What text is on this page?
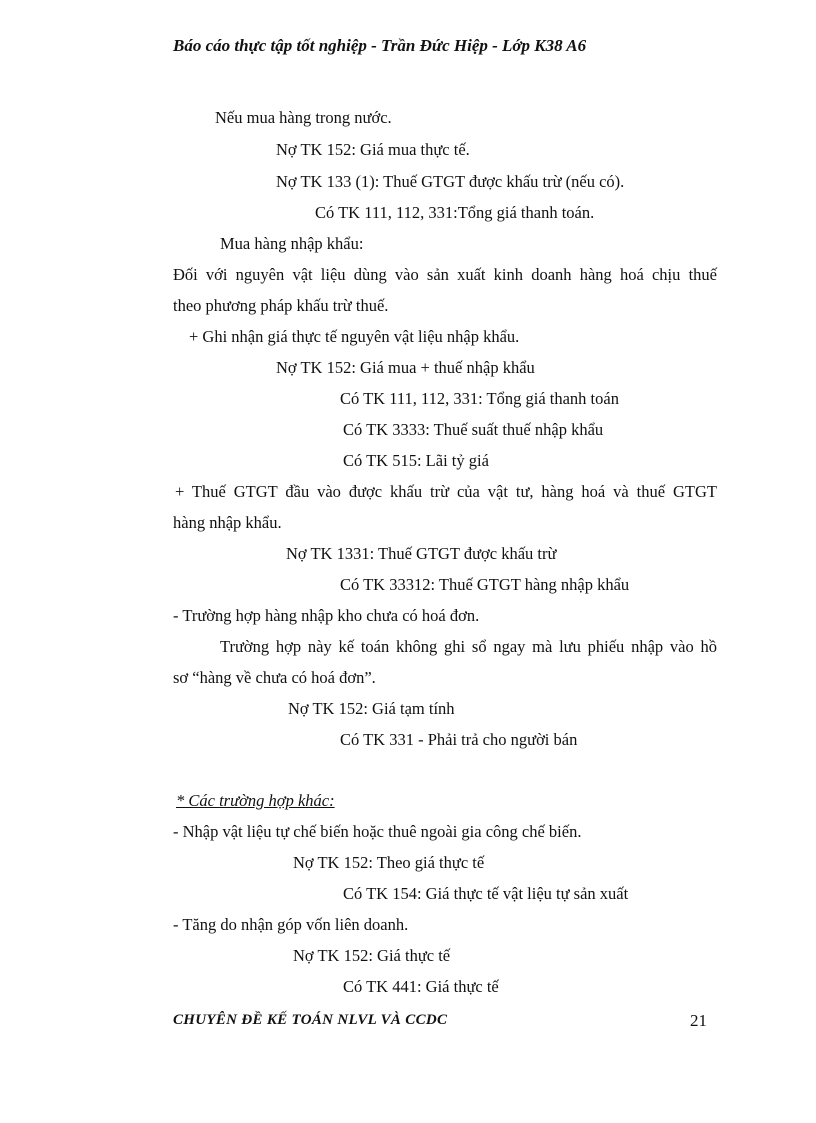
Báo cáo thực tập tốt nghiệp - Trần Đức Hiệp - Lớp K38 A6
Nếu mua hàng trong nước.
Nợ TK 152: Giá mua thực tế.
Nợ TK 133 (1): Thuế GTGT được khấu trừ (nếu có).
Có TK 111, 112, 331:Tổng giá thanh toán.
Mua hàng nhập khẩu:
Đối với nguyên vật liệu dùng vào sản xuất kinh doanh hàng hoá chịu thuế
theo phương pháp khấu trừ thuế.
+ Ghi nhận giá thực tế nguyên vật liệu nhập khẩu.
Nợ TK 152: Giá mua + thuế nhập khẩu
Có TK 111, 112, 331: Tổng giá thanh toán
Có TK 3333: Thuế suất thuế nhập khẩu
Có TK 515: Lãi tỷ giá
+ Thuế GTGT đầu vào được khấu trừ của vật tư, hàng hoá và thuế GTGT
hàng nhập khẩu.
Nợ TK 1331: Thuế GTGT được khấu trừ
Có TK 33312: Thuế GTGT hàng nhập khẩu
- Trường hợp hàng nhập kho chưa có hoá đơn.
Trường hợp này kế toán không ghi sổ ngay mà lưu phiếu nhập vào hồ
sơ “hàng về chưa có hoá đơn”.
Nợ TK 152: Giá tạm tính
Có TK 331 - Phải trả cho người bán
* Các trường hợp khác:
- Nhập vật liệu tự chế biến hoặc thuê ngoài gia công chế biến.
Nợ TK 152: Theo giá thực tế
Có TK 154: Giá thực tế vật liệu tự sản xuất
- Tăng do nhận góp vốn liên doanh.
Nợ TK 152: Giá thực tế
Có TK 441: Giá thực tế
CHUYÊN ĐỀ KẾ TOÁN NLVL VÀ CCDC	21
